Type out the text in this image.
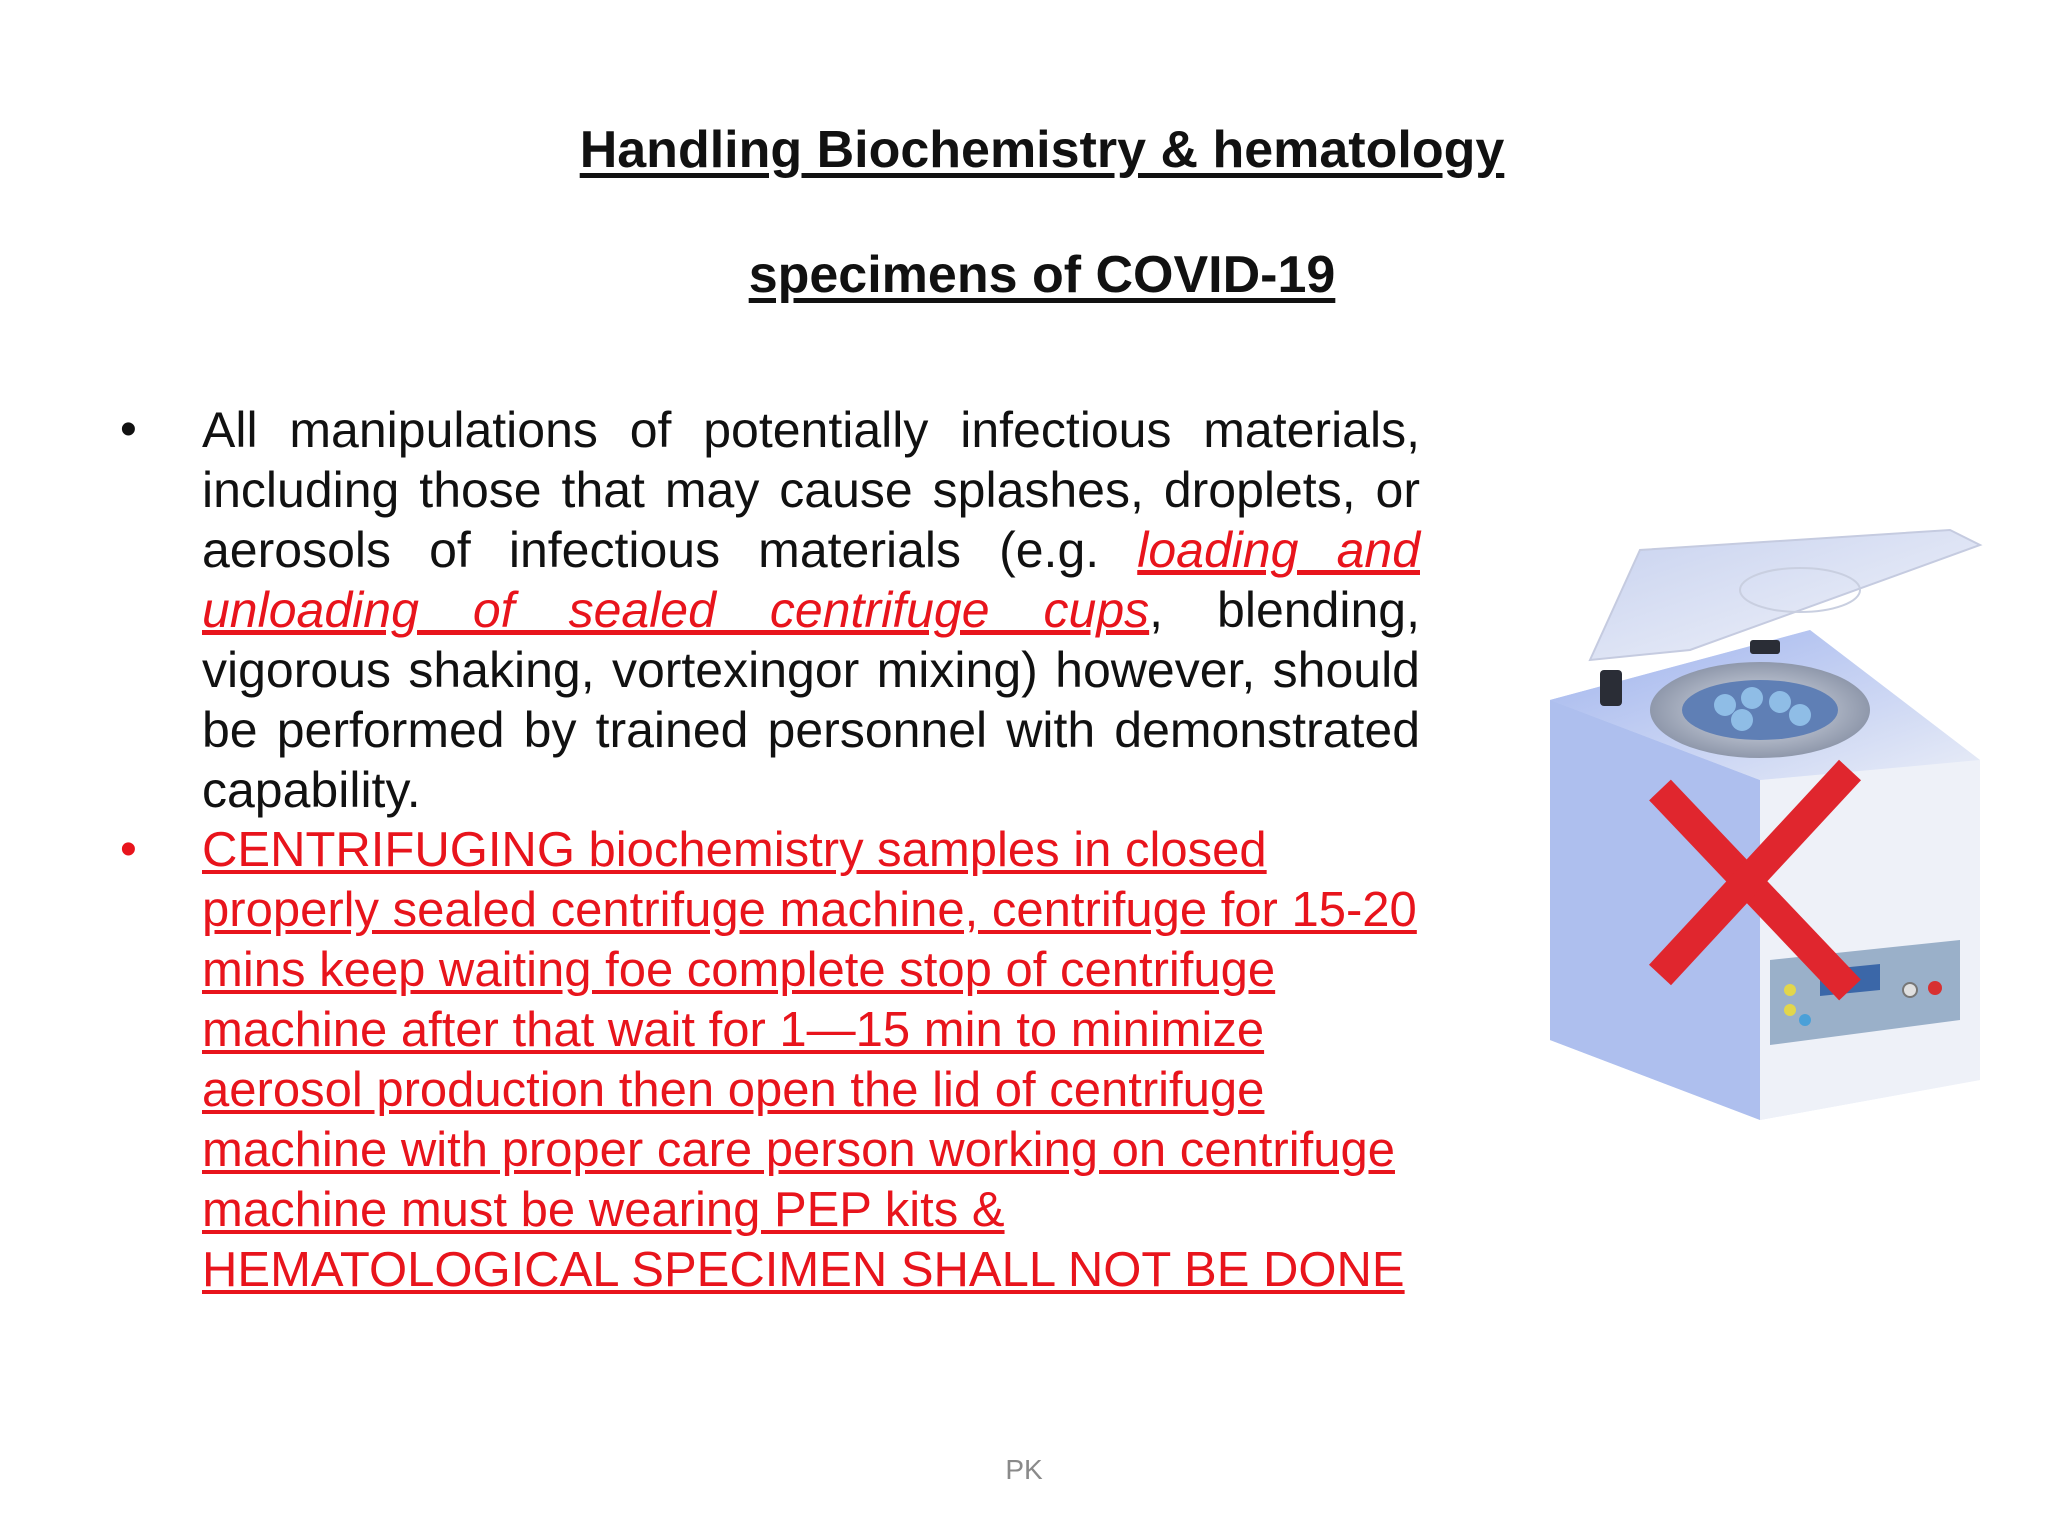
Handling Biochemistry & hematology
specimens of COVID-19
• All manipulations of potentially infectious materials, including those that may cause splashes, droplets, or aerosols of infectious materials (e.g. loading and unloading of sealed centrifuge cups, blending, vigorous shaking, vortexingor mixing) however, should be performed by trained personnel with demonstrated capability.
• CENTRIFUGING biochemistry samples in closed properly sealed centrifuge machine, centrifuge for 15-20 mins keep waiting foe complete stop of centrifuge machine after that wait for 1—15 min to minimize aerosol production then open the lid of centrifuge machine with proper care person working on centrifuge machine must be wearing PEP kits & HEMATOLOGICAL SPECIMEN SHALL NOT BE DONE
PK
